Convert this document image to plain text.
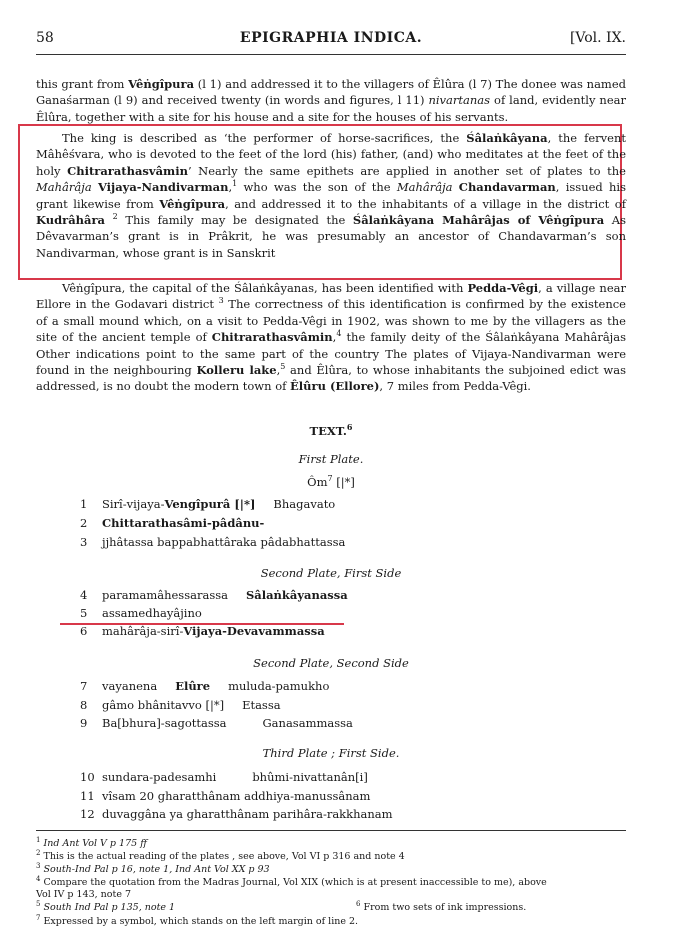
58	EPIGRAPHIA INDICA.	[Vol. IX.
this grant from Vêṅgîpura (l 1) and addressed it to the villagers of Êlûra (l 7) The donee was named Ganaśarman (l 9) and received twenty (in words and figures, l 11) nivartanas of land, evidently near Êlûra, together with a site for his house and a site for the houses of his servants.
The king is described as ‘the performer of horse-sacrifices, the Śâlaṅkâyana, the fervent Mâhêśvara, who is devoted to the feet of the lord (his) father, (and) who meditates at the feet of the holy Chitrarathasvâmin’ Nearly the same epithets are applied in another set of plates to the Mahârâja Vijaya-Nandivarman,$^1$ who was the son of the Mahârâja Chandavarman, issued his grant likewise from Vêṅgîpura, and addressed it to the inhabitants of a village in the district of Kudrâhâra $^2$ This family may be designated the Śâlaṅkâyana Mahârâjas of Vêṅgîpura As Dêvavarman’s grant is in Prâkrit, he was presumably an ancestor of Chandavarman’s son Nandivarman, whose grant is in Sanskrit
Vêṅgîpura, the capital of the Śâlaṅkâyanas, has been identified with Pedda-Vêgi, a village near Ellore in the Godavari district $^3$ The correctness of this identification is confirmed by the existence of a small mound which, on a visit to Pedda-Vêgi in 1902, was shown to me by the villagers as the site of the ancient temple of Chitrarathasvâmin,$^4$ the family deity of the Śâlaṅkâyana Mahârâjas Other indications point to the same part of the country The plates of Vijaya-Nandivarman were found in the neighbouring Kolleru lake,$^5$ and Êlûra, to whose inhabitants the subjoined edict was addressed, is no doubt the modern town of Êlûru (Ellore), 7 miles from Pedda-Vêgi.
TEXT.$^6$
First Plate.
$Ôm^7$ [|*]
1 Sirî-vijaya-Vengîpurâ [|*] Bhagavato
2 Chittarathasâmi-pâdânu-
3 jjhâtassa bappabhattâraka pâdabhattassa
Second Plate, First Side
4 paramamâhessarassa Sâlaṅkâyanassa
5 assamedhayâjino
6 mahârâja-sirî-Vijaya-Devavammassa
Second Plate, Second Side
7 vayanena Elûre muluda-pamukho
8 gâmo bhânitavvo [|*] Etassa
9 Ba[bhura]-sagottassa	Ganasammassa
Third Plate ; First Side.
10 sundara-padesamhi	bhûmi-nivattanân[i]
11 vîsam 20 gharatthânam addhiya-manussânam
12 duvaggâna ya gharatthânam parihâra-rakkhanam
$^1$ Ind Ant Vol V p 175 ff
$^2$ This is the actual reading of the plates , see above, Vol VI p 316 and note 4
$^3$ South-Ind Pal p 16, note 1, Ind Ant Vol XX p 93
$^4$ Compare the quotation from the Madras Journal, Vol XIX (which is at present inaccessible to me), above
Vol IV p 143, note 7
$^5$ South Ind Pal p 135, note 1	$^6$ From two sets of ink impressions.
$^7$ Expressed by a symbol, which stands on the left margin of line 2.
